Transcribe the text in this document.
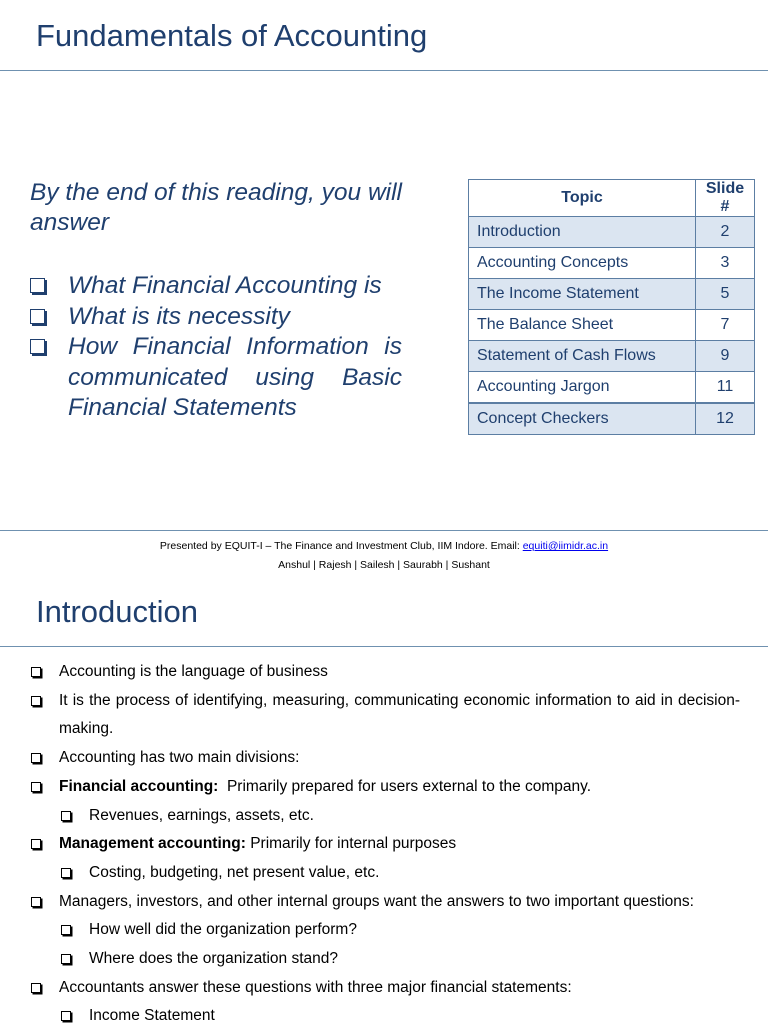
Fundamentals of Accounting
By the end of this reading, you will answer
What Financial Accounting is
What is its necessity
How Financial Information is communicated using Basic Financial Statements
Topic	Slide #
Introduction	2
Accounting Concepts	3
The Income Statement	5
The Balance Sheet	7
Statement of Cash Flows	9
Accounting Jargon	11
Concept Checkers	12
Presented by EQUIT-I – The Finance and Investment Club, IIM Indore. Email: equiti@iimidr.ac.in
Anshul | Rajesh | Sailesh | Saurabh | Sushant
Introduction
Accounting is the language of business
It is the process of identifying, measuring, communicating economic information to aid in decision-making.
Accounting has two main divisions:
Financial accounting:  Primarily prepared for users external to the company.
Revenues, earnings, assets, etc.
Management accounting: Primarily for internal purposes
Costing, budgeting, net present value, etc.
Managers, investors, and other internal groups want the answers to two important questions:
How well did the organization perform?
Where does the organization stand?
Accountants answer these questions with three major financial statements:
Income Statement
